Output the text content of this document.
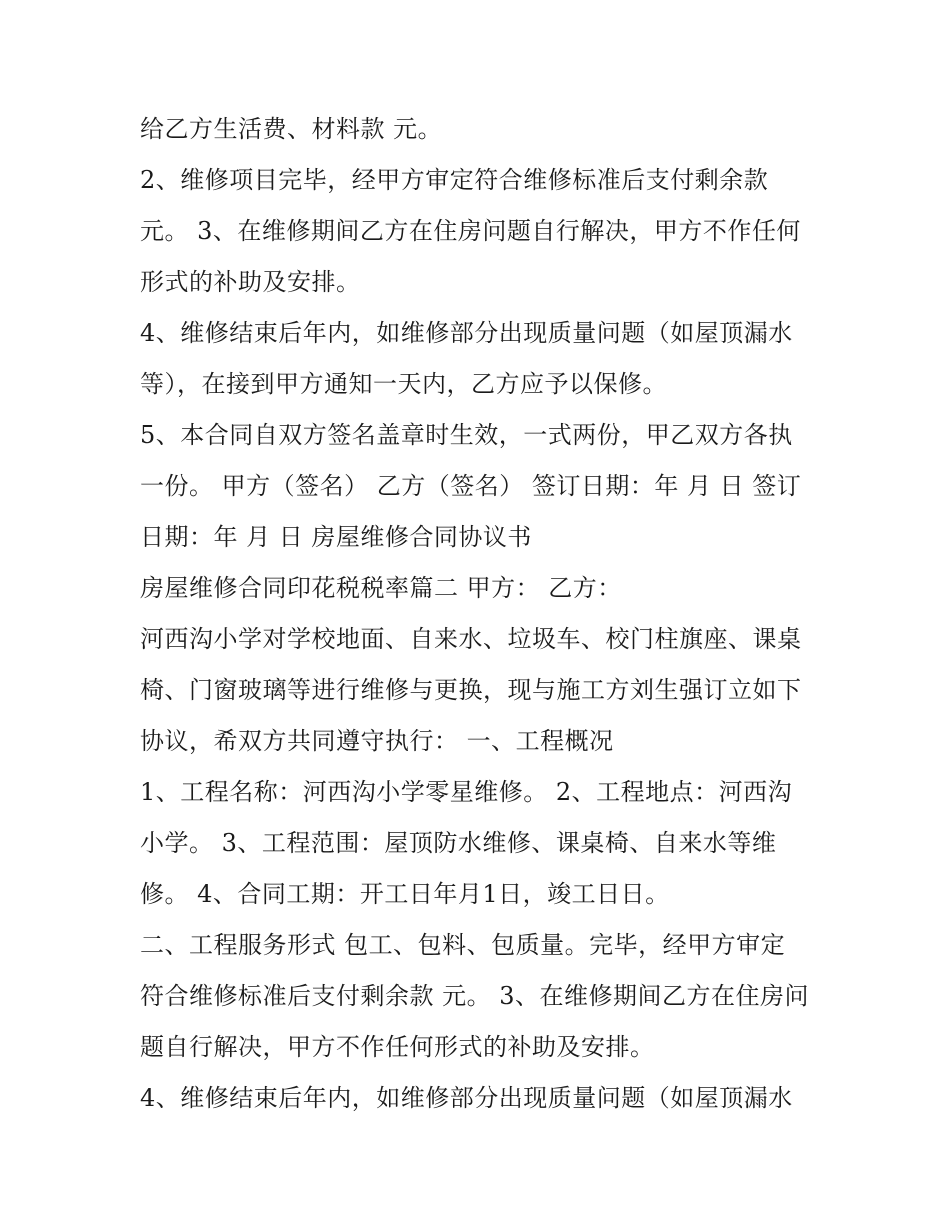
给乙方生活费、材料款 元。
2、维修项目完毕，经甲方审定符合维修标准后支付剩余款
元。 3、在维修期间乙方在住房问题自行解决，甲方不作任何
形式的补助及安排。
4、维修结束后年内，如维修部分出现质量问题（如屋顶漏水
等），在接到甲方通知一天内，乙方应予以保修。
5、本合同自双方签名盖章时生效，一式两份，甲乙双方各执
一份。 甲方（签名） 乙方（签名） 签订日期：年 月 日 签订
日期：年 月 日 房屋维修合同协议书
房屋维修合同印花税税率篇二 甲方： 乙方：
河西沟小学对学校地面、自来水、垃圾车、校门柱旗座、课桌
椅、门窗玻璃等进行维修与更换，现与施工方刘生强订立如下
协议，希双方共同遵守执行： 一、工程概况
1、工程名称：河西沟小学零星维修。 2、工程地点：河西沟
小学。 3、工程范围：屋顶防水维修、课桌椅、自来水等维
修。 4、合同工期：开工日年月1日，竣工日日。
二、工程服务形式 包工、包料、包质量。完毕，经甲方审定
符合维修标准后支付剩余款 元。 3、在维修期间乙方在住房问
题自行解决，甲方不作任何形式的补助及安排。
4、维修结束后年内，如维修部分出现质量问题（如屋顶漏水
